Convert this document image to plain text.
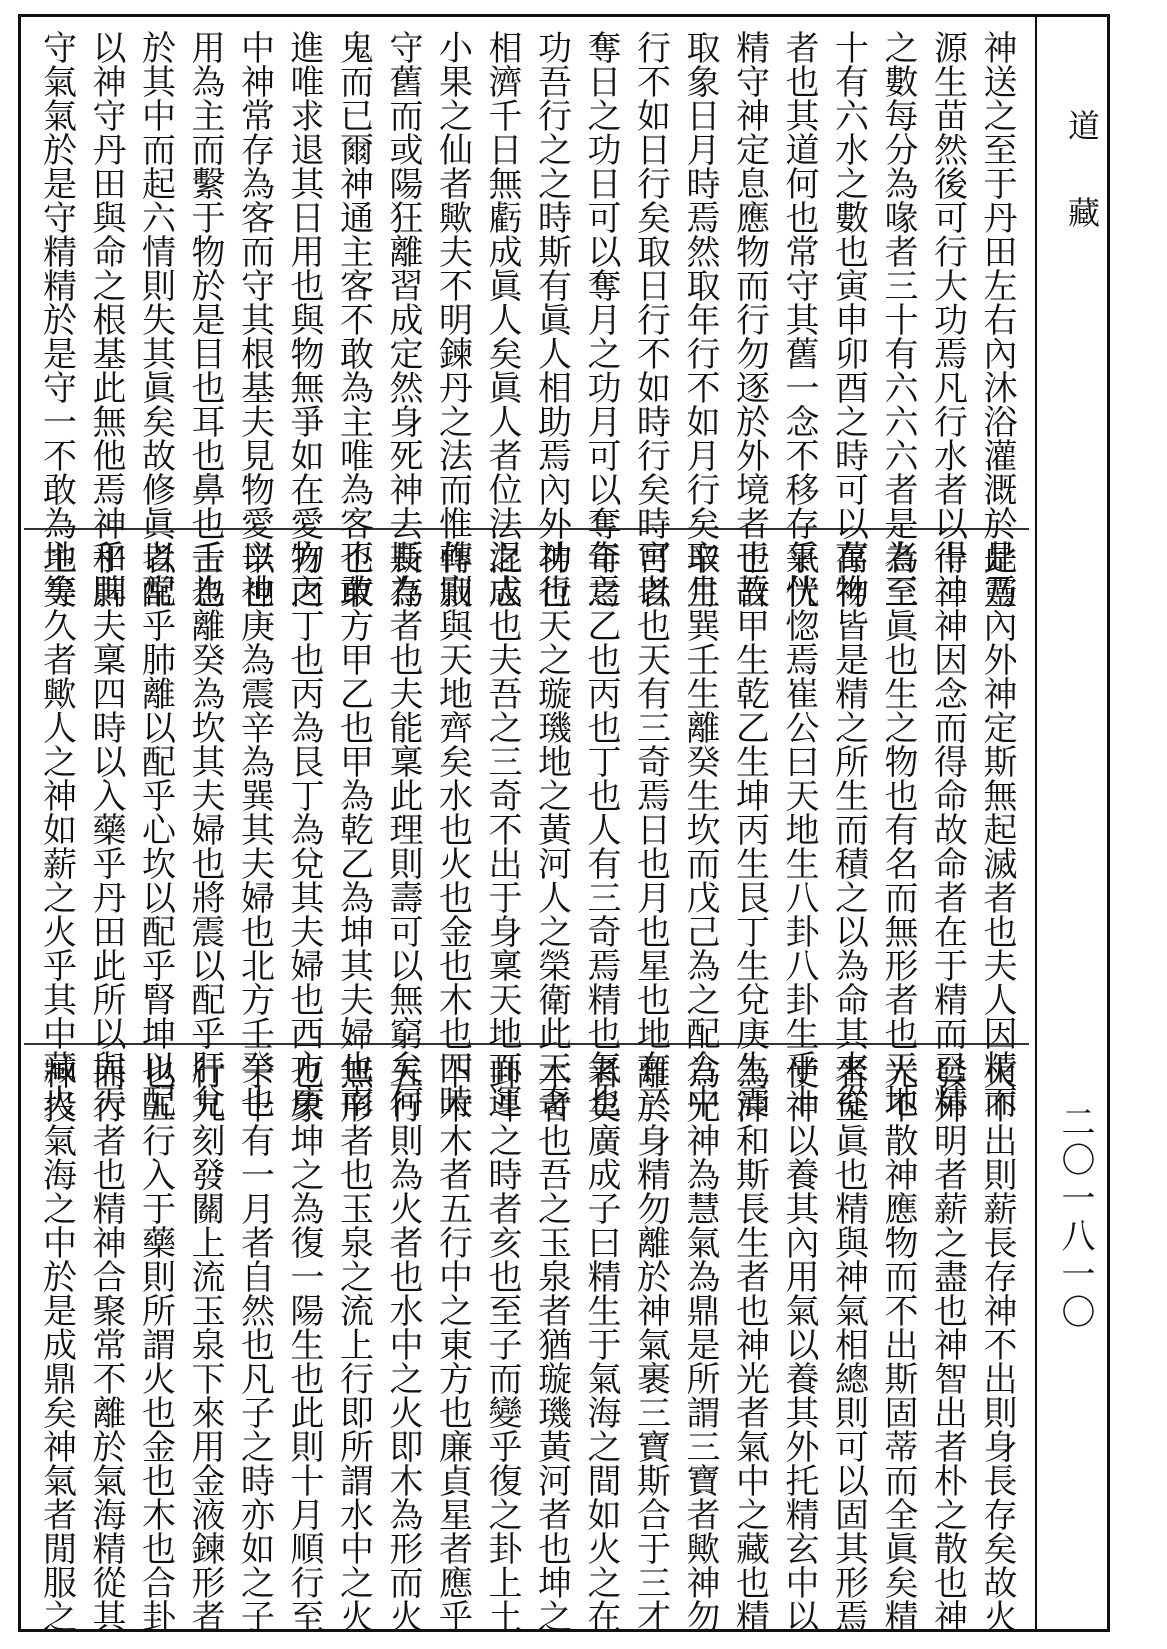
道藏
二〇一八一〇
神送之至于丹田左右內沐浴灌溉於是靈
源生苗然後可行大功焉凡行水者以十二
之數每分為喙者三十有六六六者是為三
十有六水之數也寅申卯酉之時可以存神
者也其道何也常守其舊一念不移存氣伏
精守神定息應物而行勿逐於外境者也吾
取象日月時焉然取年行不如月行矣取月
行不如日行矣取日行不如時行矣時可以
奪日之功日可以奪月之功月可以奪年之
功吾行之之時斯有眞人相助焉內外功行
相濟千日無虧成眞人矣眞人者位法混成
小果之仙者歟夫不明鍊丹之法而惟作寂
守舊而或陽狂離習成定然身死神去斯為
鬼而已爾神通主客不敢為主唯為客不敢
進唯求退其日用也與物無爭如在愛物之
中神常存為客而守其根基夫見物愛以神
用為主而繫于物於是目也耳也鼻也舌也
於其中而起六情則失其眞矣故修眞者常
以神守丹田與命之根基此無他焉神和則
守氣氣於是守精精於是守一不敢為主矣
此乃內外神定斯無起滅者也夫人因精而
得神神因念而得命故命者在于精而已精
者至眞也生之物也有名而無形者也天地
萬物皆是精之所生而積之以為命其來從
乎恍惚焉崔公曰天地生八卦八卦生乎十
干故甲生乾乙生坤丙生艮丁生兌庚生震
辛生巽壬生離癸生坎而戊己為之配合中
宮者也天有三奇焉日也月也星也地有三
奇焉乙也丙也丁也人有三奇焉精也氣也
神也天之璇璣地之黃河人之榮衛此三奇
之志也夫吾之三奇不出于身稟天地而運
轉則與天地齊矣水也火也金也木也四時
長存者也夫能稟此理則壽可以無窮矣何
也東方甲乙也甲為乾乙為坤其夫婦也南
方丙丁也丙為艮丁為兌其夫婦也西方庚
辛也庚為震辛為巽其夫婦也北方壬癸也
壬為離癸為坎其夫婦也將震以配乎肝兌
以配乎肺離以配乎心坎以配乎腎坤以配
乎脾夫稟四時以入藥乎丹田此所以與天
地等久者歟人之神如薪之火乎其中藏火
火不出則薪長存神不出則身長存矣故火
發外明者薪之盡也神智出者朴之散也神
光不散神應物而不出斯固蒂而全眞矣精
者至眞也精與神氣相總則可以固其形焉
使神以養其內用氣以養其外托精玄中以
為沖和斯長生者也神光者氣中之藏也精
為光神為慧氣為鼎是所謂三寶者歟神勿
離於身精勿離於神氣裹三寶斯合于三才
者矣廣成子曰精生于氣海之間如火之在
木者也吾之玉泉者猶璇璣黃河者也坤之
卦斗之時者亥也至子而變乎復之卦上土
下木木者五行中之東方也廉貞星者應乎
五行則為火者也水中之火即木為形而火
無形者也玉泉之流上行即所謂水中之火
也象坤之為復一陽生也此則十月順行至
于十有一月者自然也凡子之時亦如之子
行九刻發關上流玉泉下來用金液鍊形者
也五行入于藥則所謂火也金也木也合卦
而行者也精神合聚常不離於氣海精從其
神投氣海之中於是成鼎矣神氣者閒服之
